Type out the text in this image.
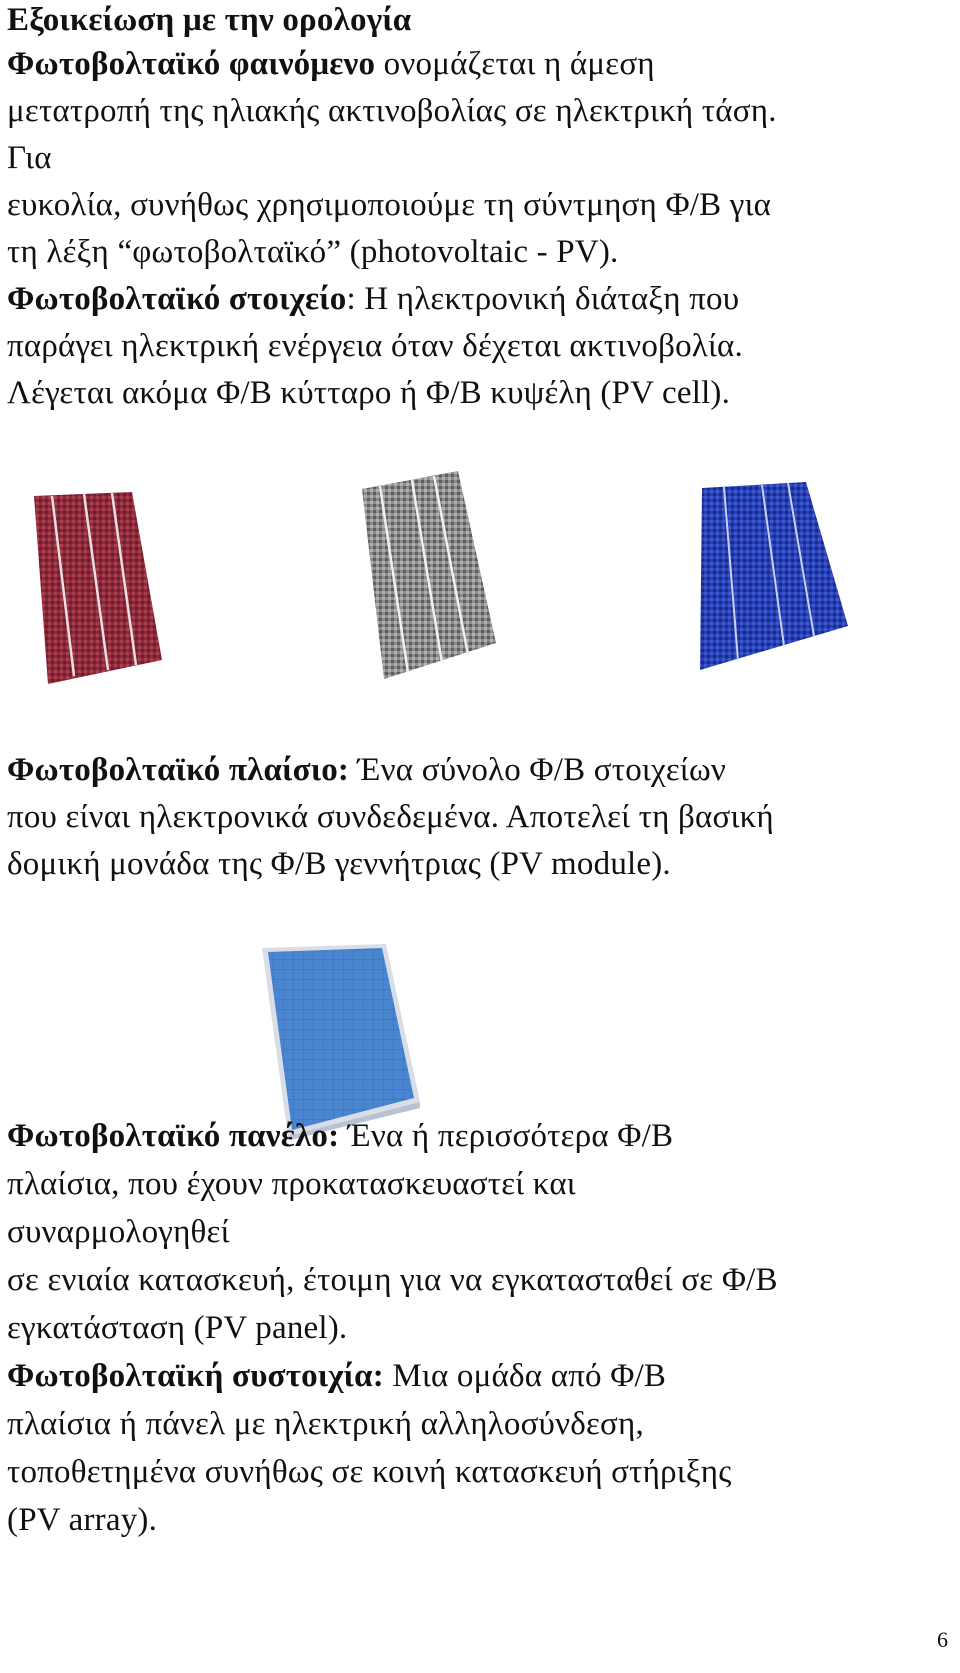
Εξοικείωση με την ορολογία
Φωτοβολταϊκό φαινόμενο ονομάζεται η άμεση
μετατροπή της ηλιακής ακτινοβολίας σε ηλεκτρική τάση.
Για
ευκολία, συνήθως χρησιμοποιούμε τη σύντμηση Φ/Β για
τη λέξη “φωτοβολταϊκό” (photovoltaic - PV).
Φωτοβολταϊκό στοιχείο: Η ηλεκτρονική διάταξη που
παράγει ηλεκτρική ενέργεια όταν δέχεται ακτινοβολία.
Λέγεται ακόμα Φ/Β κύτταρο ή Φ/Β κυψέλη (PV cell).
Φωτοβολταϊκό πλαίσιο: Ένα σύνολο Φ/Β στοιχείων
που είναι ηλεκτρονικά συνδεδεμένα. Αποτελεί τη βασική
δομική μονάδα της Φ/Β γεννήτριας (PV module).
Φωτοβολταϊκό πανέλο: Ένα ή περισσότερα Φ/Β
πλαίσια, που έχουν προκατασκευαστεί και
συναρμολογηθεί
σε ενιαία κατασκευή, έτοιμη για να εγκατασταθεί σε Φ/Β
εγκατάσταση (PV panel).
Φωτοβολταϊκή συστοιχία: Μια ομάδα από Φ/Β
πλαίσια ή πάνελ με ηλεκτρική αλληλοσύνδεση,
τοποθετημένα συνήθως σε κοινή κατασκευή στήριξης
(PV array).
6
